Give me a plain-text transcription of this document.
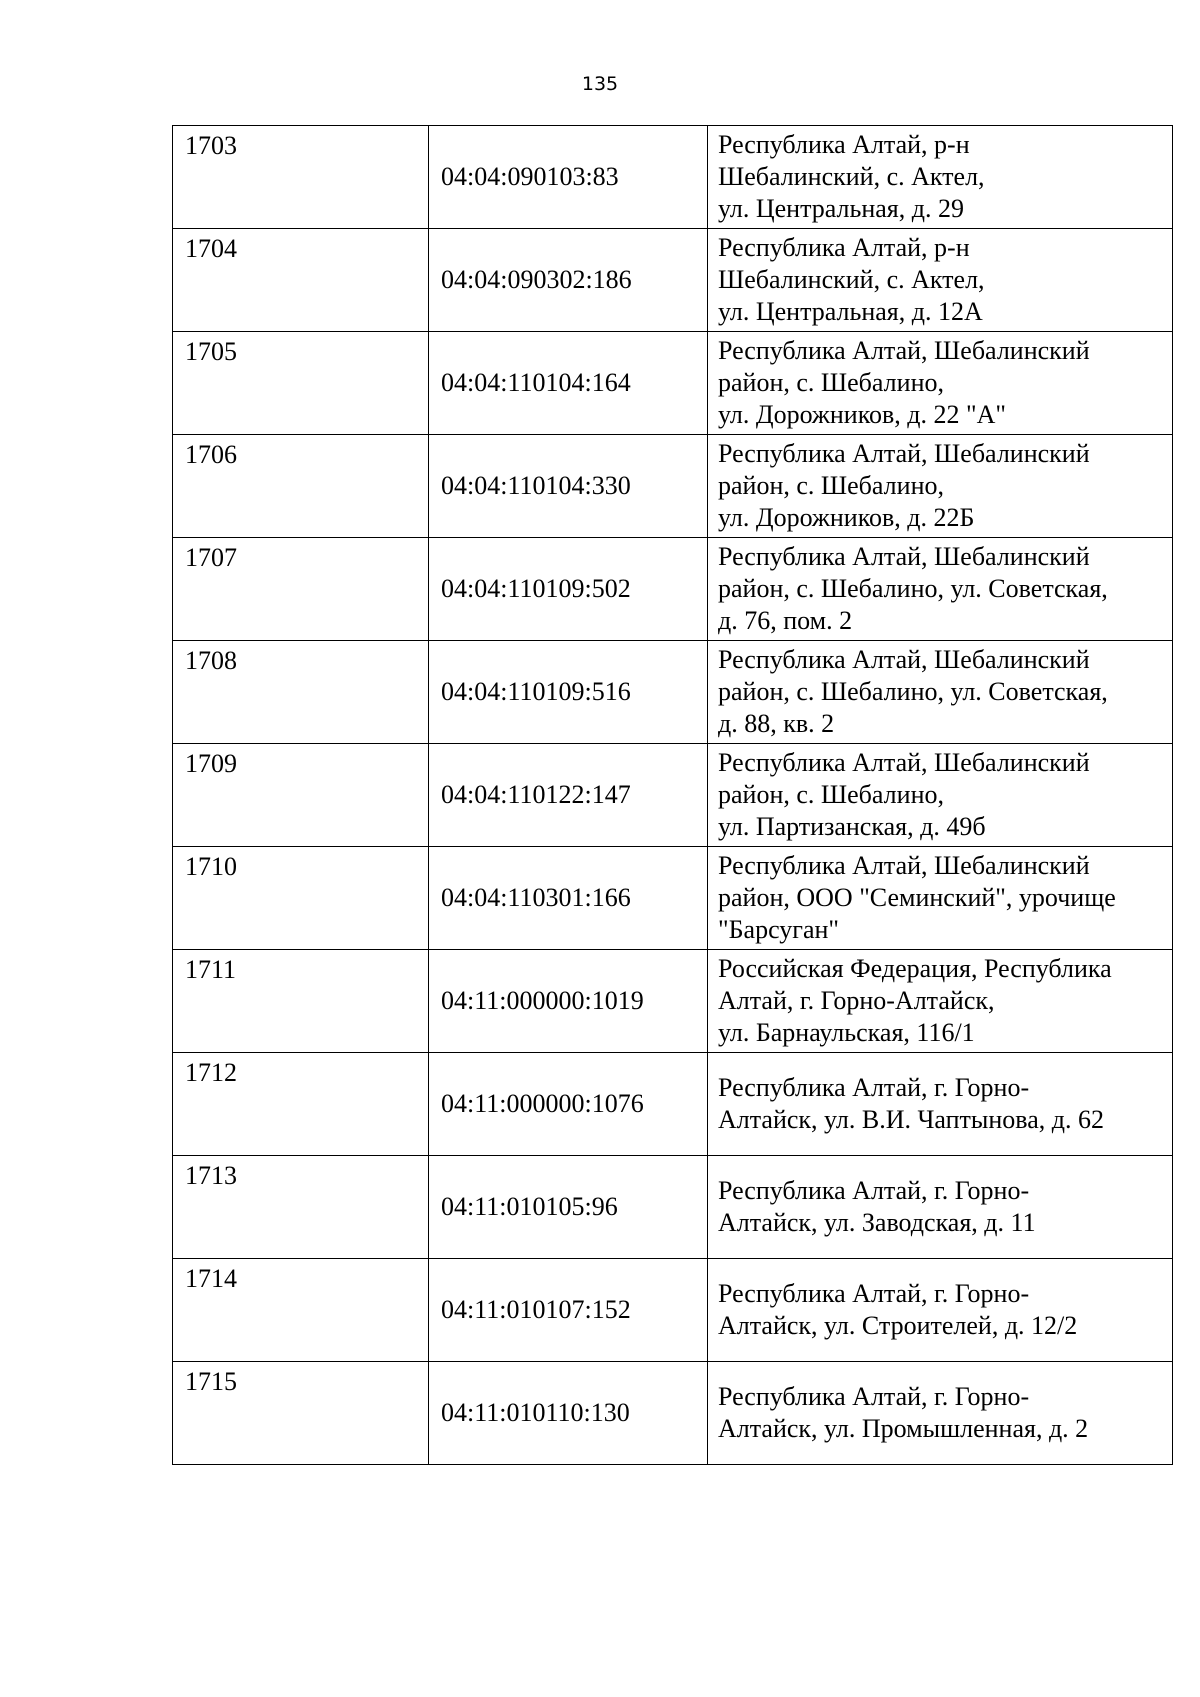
135
1703	04:04:090103:83	Республика Алтай, р-н
Шебалинский, с. Актел,
ул. Центральная, д. 29

1704	04:04:090302:186	Республика Алтай, р-н
Шебалинский, с. Актел,
ул. Центральная, д. 12А

1705	04:04:110104:164	Республика Алтай, Шебалинский
район, с. Шебалино,
ул. Дорожников, д. 22 "А"

1706	04:04:110104:330	Республика Алтай, Шебалинский
район, с. Шебалино,
ул. Дорожников, д. 22Б

1707	04:04:110109:502	Республика Алтай, Шебалинский
район, с. Шебалино, ул. Советская,
д. 76, пом. 2

1708	04:04:110109:516	Республика Алтай, Шебалинский
район, с. Шебалино, ул. Советская,
д. 88, кв. 2

1709	04:04:110122:147	Республика Алтай, Шебалинский
район, с. Шебалино,
ул. Партизанская, д. 49б

1710	04:04:110301:166	Республика Алтай, Шебалинский
район, ООО "Семинский", урочище
"Барсуган"

1711	04:11:000000:1019	Российская Федерация, Республика
Алтай, г. Горно-Алтайск,
ул. Барнаульская, 116/1

1712	04:11:000000:1076	Республика Алтай, г. Горно-
Алтайск, ул. В.И. Чаптынова, д. 62

1713	04:11:010105:96	Республика Алтай, г. Горно-
Алтайск, ул. Заводская, д. 11

1714	04:11:010107:152	Республика Алтай, г. Горно-
Алтайск, ул. Строителей, д. 12/2

1715	04:11:010110:130	Республика Алтай, г. Горно-
Алтайск, ул. Промышленная, д. 2
